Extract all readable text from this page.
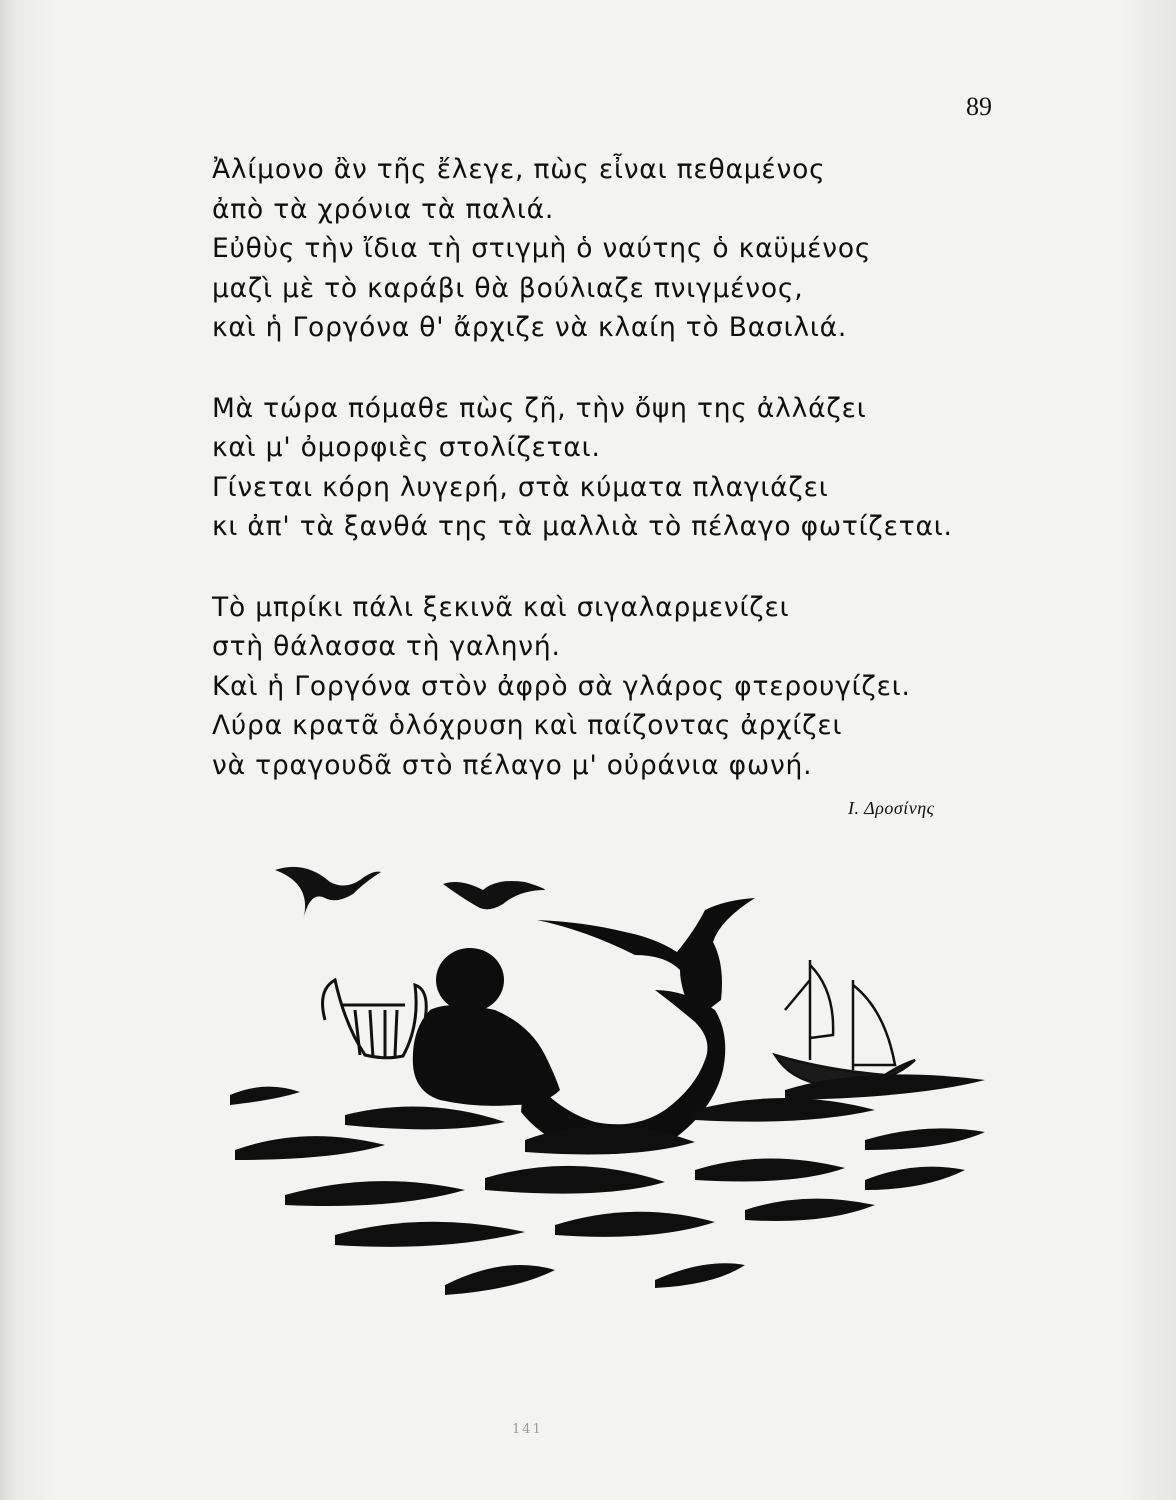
89
Ἀλίμονο ἂν τῆς ἔλεγε, πὼς εἶναι πεθαμένος
ἀπὸ τὰ χρόνια τὰ παλιά.
Εὐθὺς τὴν ἴδια τὴ στιγμὴ ὁ ναύτης ὁ καϋμένος
μαζὶ μὲ τὸ καράβι θὰ βούλιαζε πνιγμένος,
καὶ ἡ Γοργόνα θ' ἄρχιζε νὰ κλαίη τὸ Βασιλιά.
Μὰ τώρα πόμαθε πὼς ζῆ, τὴν ὄψη της ἀλλάζει
καὶ μ' ὀμορφιὲς στολίζεται.
Γίνεται κόρη λυγερή, στὰ κύματα πλαγιάζει
κι ἀπ' τὰ ξανθά της τὰ μαλλιὰ τὸ πέλαγο φωτίζεται.
Τὸ μπρίκι πάλι ξεκινᾶ καὶ σιγαλαρμενίζει
στὴ θάλασσα τὴ γαληνή.
Καὶ ἡ Γοργόνα στὸν ἀφρὸ σὰ γλάρος φτερουγίζει.
Λύρα κρατᾶ ὁλόχρυση καὶ παίζοντας ἀρχίζει
νὰ τραγουδᾶ στὸ πέλαγο μ' οὐράνια φωνή.
Ι. Δροσίνης
141
